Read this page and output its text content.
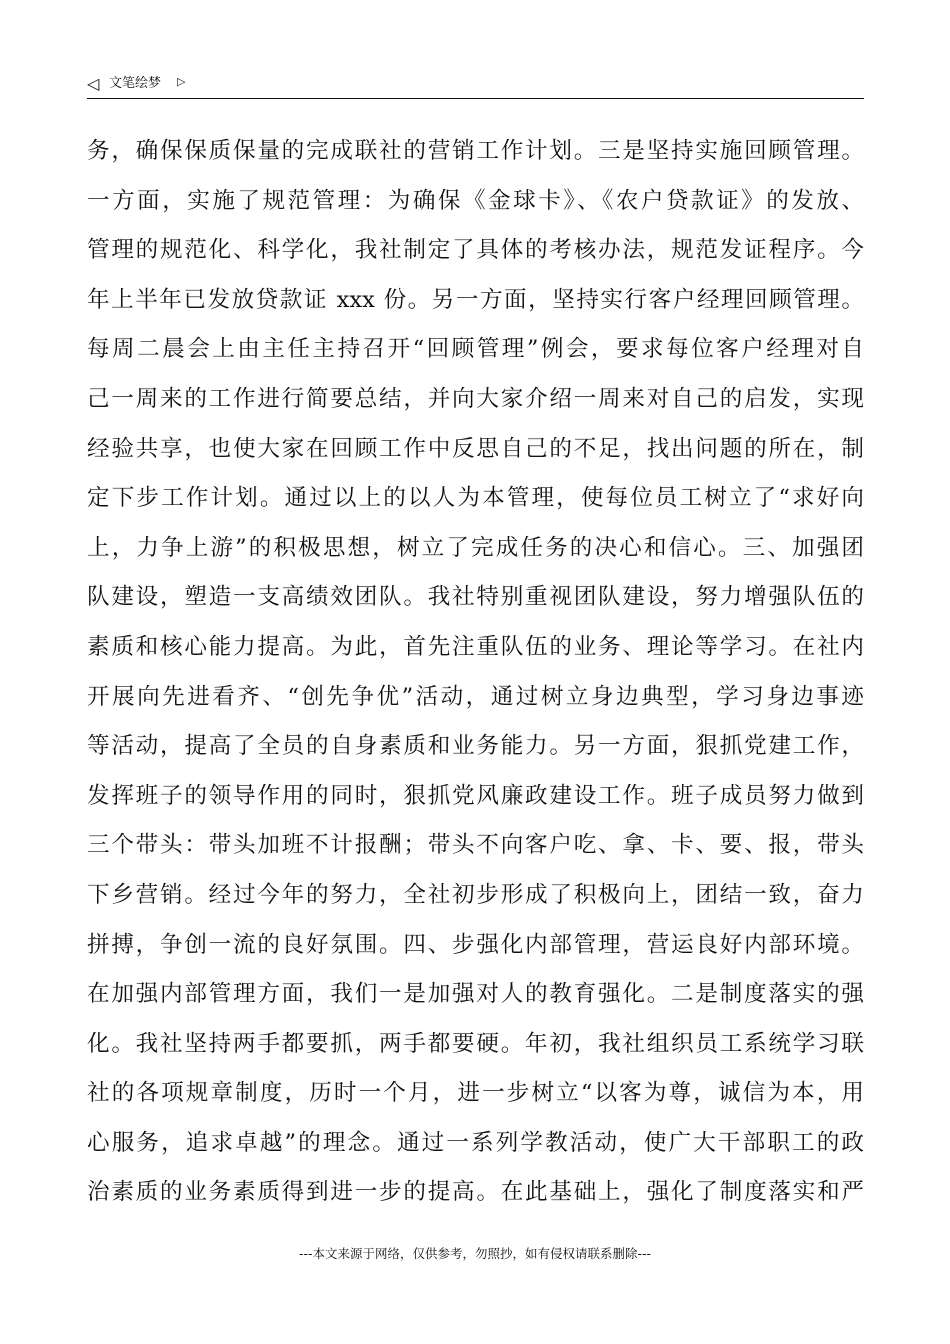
◁ 文笔绘梦 ▷
务，确保保质保量的完成联社的营销工作计划。三是坚持实施回顾管理。
一方面，实施了规范管理：为确保《金球卡》、《农户贷款证》的发放、
管理的规范化、科学化，我社制定了具体的考核办法，规范发证程序。今
年上半年已发放贷款证 xxx 份。另一方面，坚持实行客户经理回顾管理。
每周二晨会上由主任主持召开“回顾管理”例会，要求每位客户经理对自
己一周来的工作进行简要总结，并向大家介绍一周来对自己的启发，实现
经验共享，也使大家在回顾工作中反思自己的不足，找出问题的所在，制
定下步工作计划。通过以上的以人为本管理，使每位员工树立了“求好向
上，力争上游”的积极思想，树立了完成任务的决心和信心。三、加强团
队建设，塑造一支高绩效团队。我社特别重视团队建设，努力增强队伍的
素质和核心能力提高。为此，首先注重队伍的业务、理论等学习。在社内
开展向先进看齐、“创先争优”活动，通过树立身边典型，学习身边事迹
等活动，提高了全员的自身素质和业务能力。另一方面，狠抓党建工作，
发挥班子的领导作用的同时，狠抓党风廉政建设工作。班子成员努力做到
三个带头：带头加班不计报酬；带头不向客户吃、拿、卡、要、报，带头
下乡营销。经过今年的努力，全社初步形成了积极向上，团结一致，奋力
拼搏，争创一流的良好氛围。四、步强化内部管理，营运良好内部环境。
在加强内部管理方面，我们一是加强对人的教育强化。二是制度落实的强
化。我社坚持两手都要抓，两手都要硬。年初，我社组织员工系统学习联
社的各项规章制度，历时一个月，进一步树立“以客为尊，诚信为本，用
心服务，追求卓越”的理念。通过一系列学教活动，使广大干部职工的政
治素质的业务素质得到进一步的提高。在此基础上，强化了制度落实和严
---本文来源于网络，仅供参考，勿照抄，如有侵权请联系删除---
